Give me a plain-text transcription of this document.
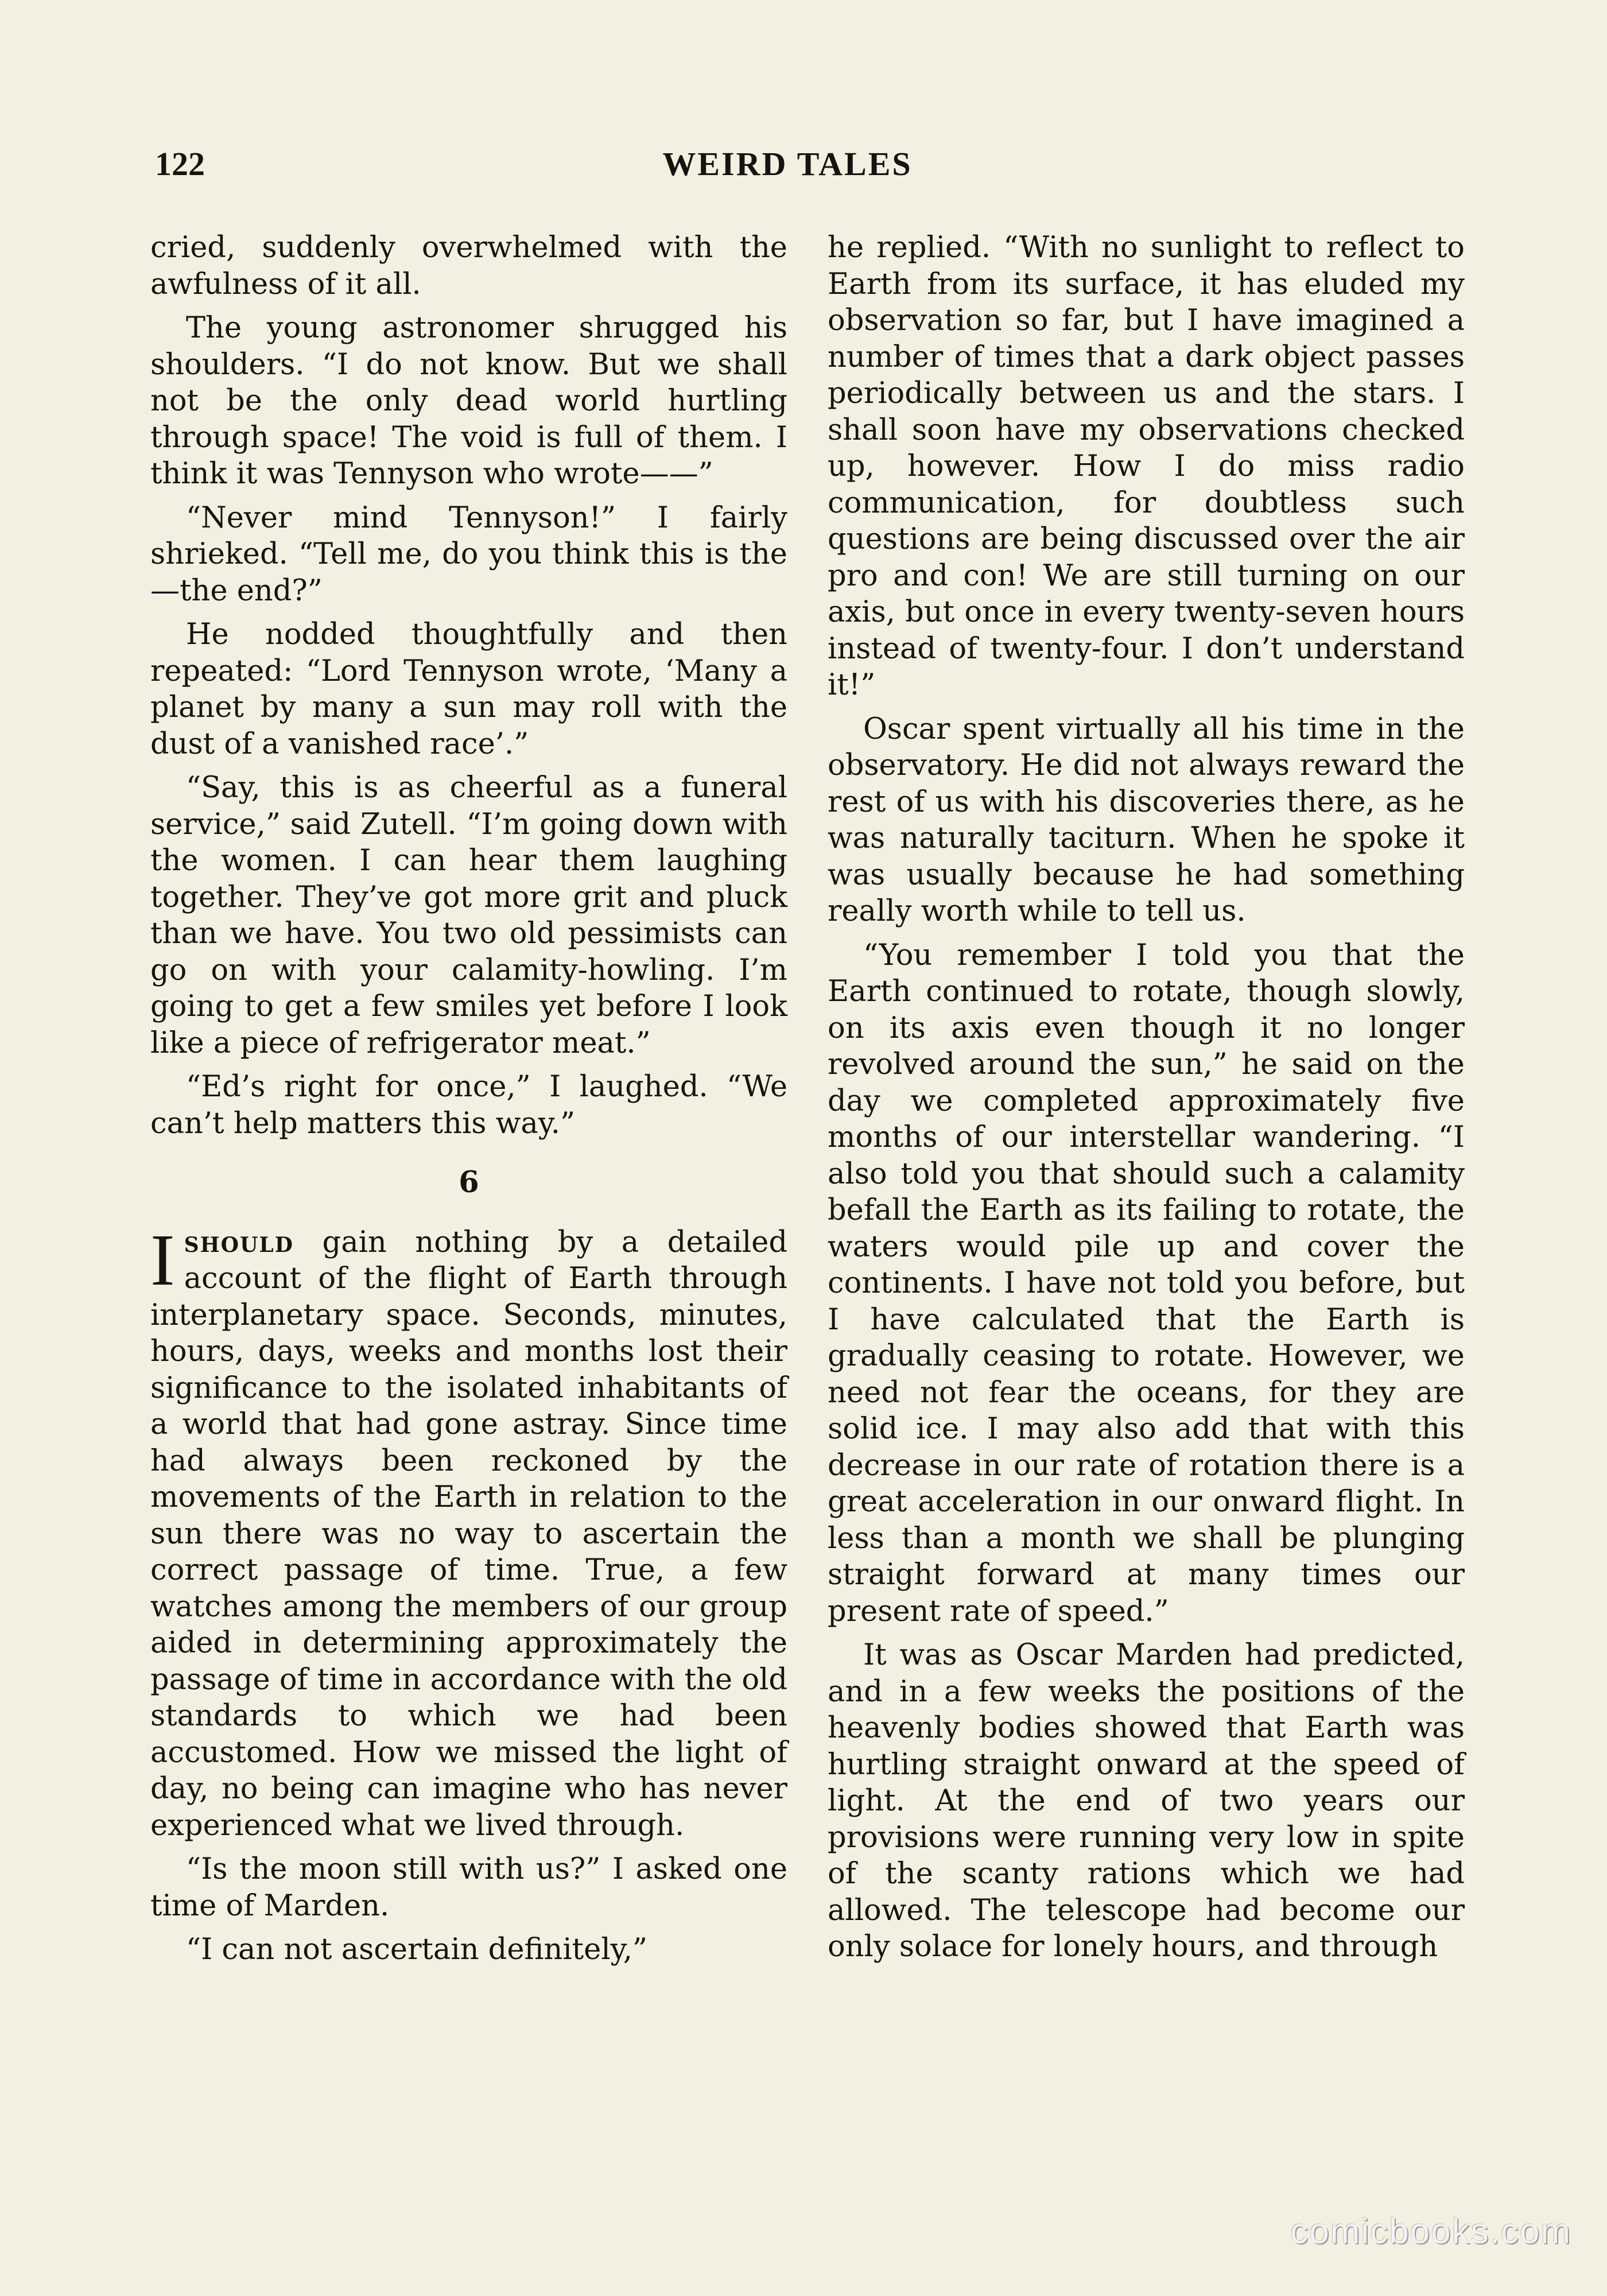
122	WEIRD TALES

cried, suddenly overwhelmed with the awfulness of it all.

The young astronomer shrugged his shoulders. “I do not know. But we shall not be the only dead world hurtling through space! The void is full of them. I think it was Tennyson who wrote——”

“Never mind Tennyson!” I fairly shrieked. “Tell me, do you think this is the—the end?”

He nodded thoughtfully and then repeated: “Lord Tennyson wrote, ‘Many a planet by many a sun may roll with the dust of a vanished race’.”

“Say, this is as cheerful as a funeral service,” said Zutell. “I’m going down with the women. I can hear them laughing together. They’ve got more grit and pluck than we have. You two old pessimists can go on with your calamity-howling. I’m going to get a few smiles yet before I look like a piece of refrigerator meat.”

“Ed’s right for once,” I laughed. “We can’t help matters this way.”

6

Ishould gain nothing by a detailed account of the flight of Earth through interplanetary space. Seconds, minutes, hours, days, weeks and months lost their significance to the isolated inhabitants of a world that had gone astray. Since time had always been reckoned by the movements of the Earth in relation to the sun there was no way to ascertain the correct passage of time. True, a few watches among the members of our group aided in determining approximately the passage of time in accordance with the old standards to which we had been accustomed. How we missed the light of day, no being can imagine who has never experienced what we lived through.

“Is the moon still with us?” I asked one time of Marden.

“I can not ascertain definitely,”

he replied. “With no sunlight to reflect to Earth from its surface, it has eluded my observation so far, but I have imagined a number of times that a dark object passes periodically between us and the stars. I shall soon have my observations checked up, however. How I do miss radio communication, for doubtless such questions are being discussed over the air pro and con! We are still turning on our axis, but once in every twenty-seven hours instead of twenty-four. I don’t understand it!”

Oscar spent virtually all his time in the observatory. He did not always reward the rest of us with his discoveries there, as he was naturally taciturn. When he spoke it was usually because he had something really worth while to tell us.

“You remember I told you that the Earth continued to rotate, though slowly, on its axis even though it no longer revolved around the sun,” he said on the day we completed approximately five months of our interstellar wandering. “I also told you that should such a calamity befall the Earth as its failing to rotate, the waters would pile up and cover the continents. I have not told you before, but I have calculated that the Earth is gradually ceasing to rotate. However, we need not fear the oceans, for they are solid ice. I may also add that with this decrease in our rate of rotation there is a great acceleration in our onward flight. In less than a month we shall be plunging straight forward at many times our present rate of speed.”

It was as Oscar Marden had predicted, and in a few weeks the positions of the heavenly bodies showed that Earth was hurtling straight onward at the speed of light. At the end of two years our provisions were running very low in spite of the scanty rations which we had allowed. The telescope had become our only solace for lonely hours, and through

comicbooks.com
